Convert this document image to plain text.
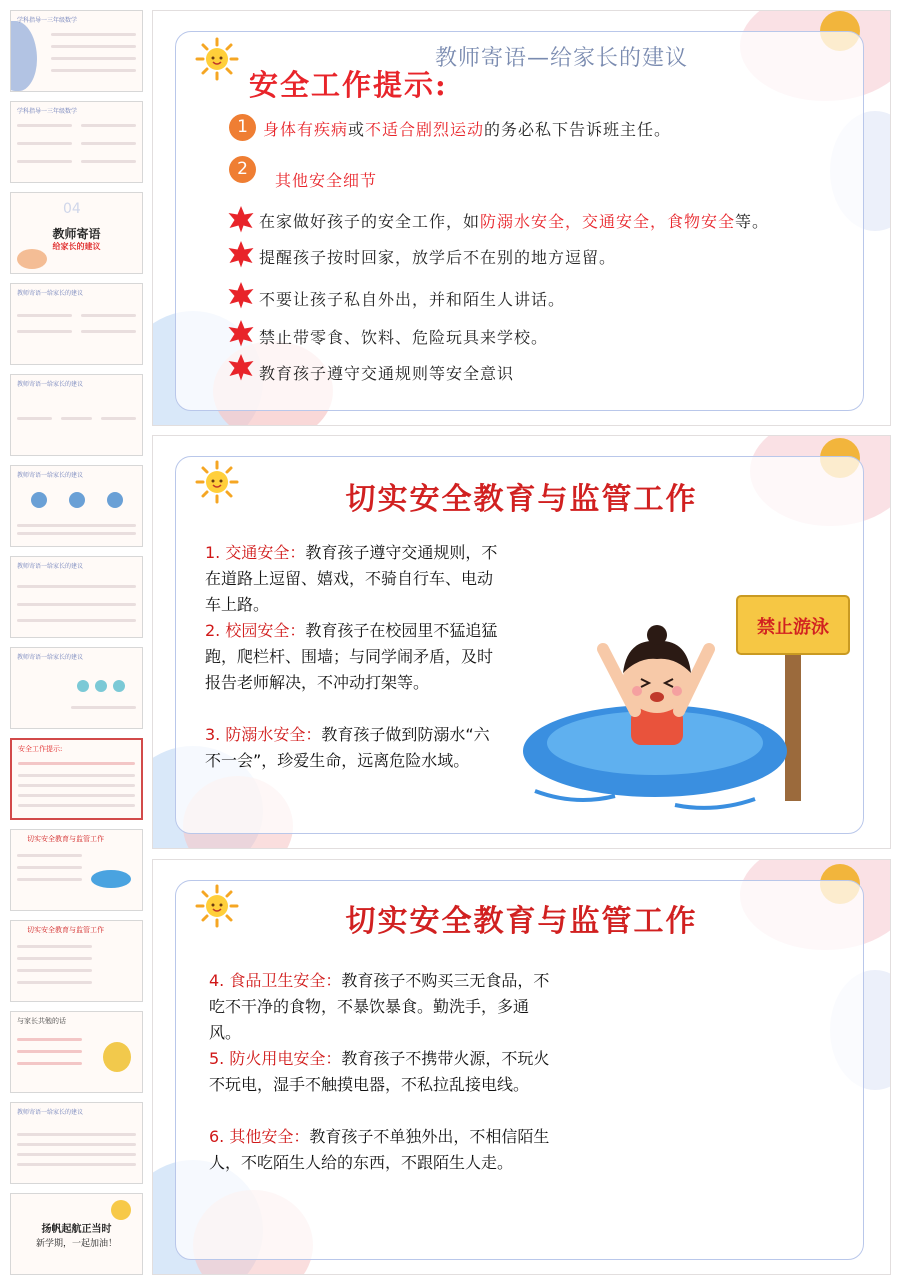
学科指导一三年级数学
学科指导一三年级数学
04
教师寄语
给家长的建议
教师寄语一给家长的建议
教师寄语一给家长的建议
教师寄语一给家长的建议
教师寄语一给家长的建议
教师寄语一给家长的建议
安全工作提示:
切实安全教育与监管工作
切实安全教育与监管工作
与家长共勉的话
教师寄语一给家长的建议
扬帆起航正当时
新学期，一起加油！
教师寄语—给家长的建议
安全工作提示:
1 身体有疾病或不适合剧烈运动的务必私下告诉班主任。
2
其他安全细节
在家做好孩子的安全工作，如防溺水安全，交通安全，食物安全等。
提醒孩子按时回家，放学后不在别的地方逗留。
不要让孩子私自外出，并和陌生人讲话。
禁止带零食、饮料、危险玩具来学校。
教育孩子遵守交通规则等安全意识
切实安全教育与监管工作
1. 交通安全：教育孩子遵守交通规则，不在道路上逗留、嬉戏，不骑自行车、电动车上路。
2. 校园安全：教育孩子在校园里不猛追猛跑，爬栏杆、围墙；与同学闹矛盾，及时报告老师解决，不冲动打架等。
3. 防溺水安全：教育孩子做到防溺水“六不一会”，珍爱生命，远离危险水域。
禁止游泳
切实安全教育与监管工作
4. 食品卫生安全：教育孩子不购买三无食品，不吃不干净的食物，不暴饮暴食。勤洗手，多通风。
5. 防火用电安全：教育孩子不携带火源，不玩火不玩电，湿手不触摸电器，不私拉乱接电线。
6. 其他安全：教育孩子不单独外出，不相信陌生人，不吃陌生人给的东西，不跟陌生人走。
